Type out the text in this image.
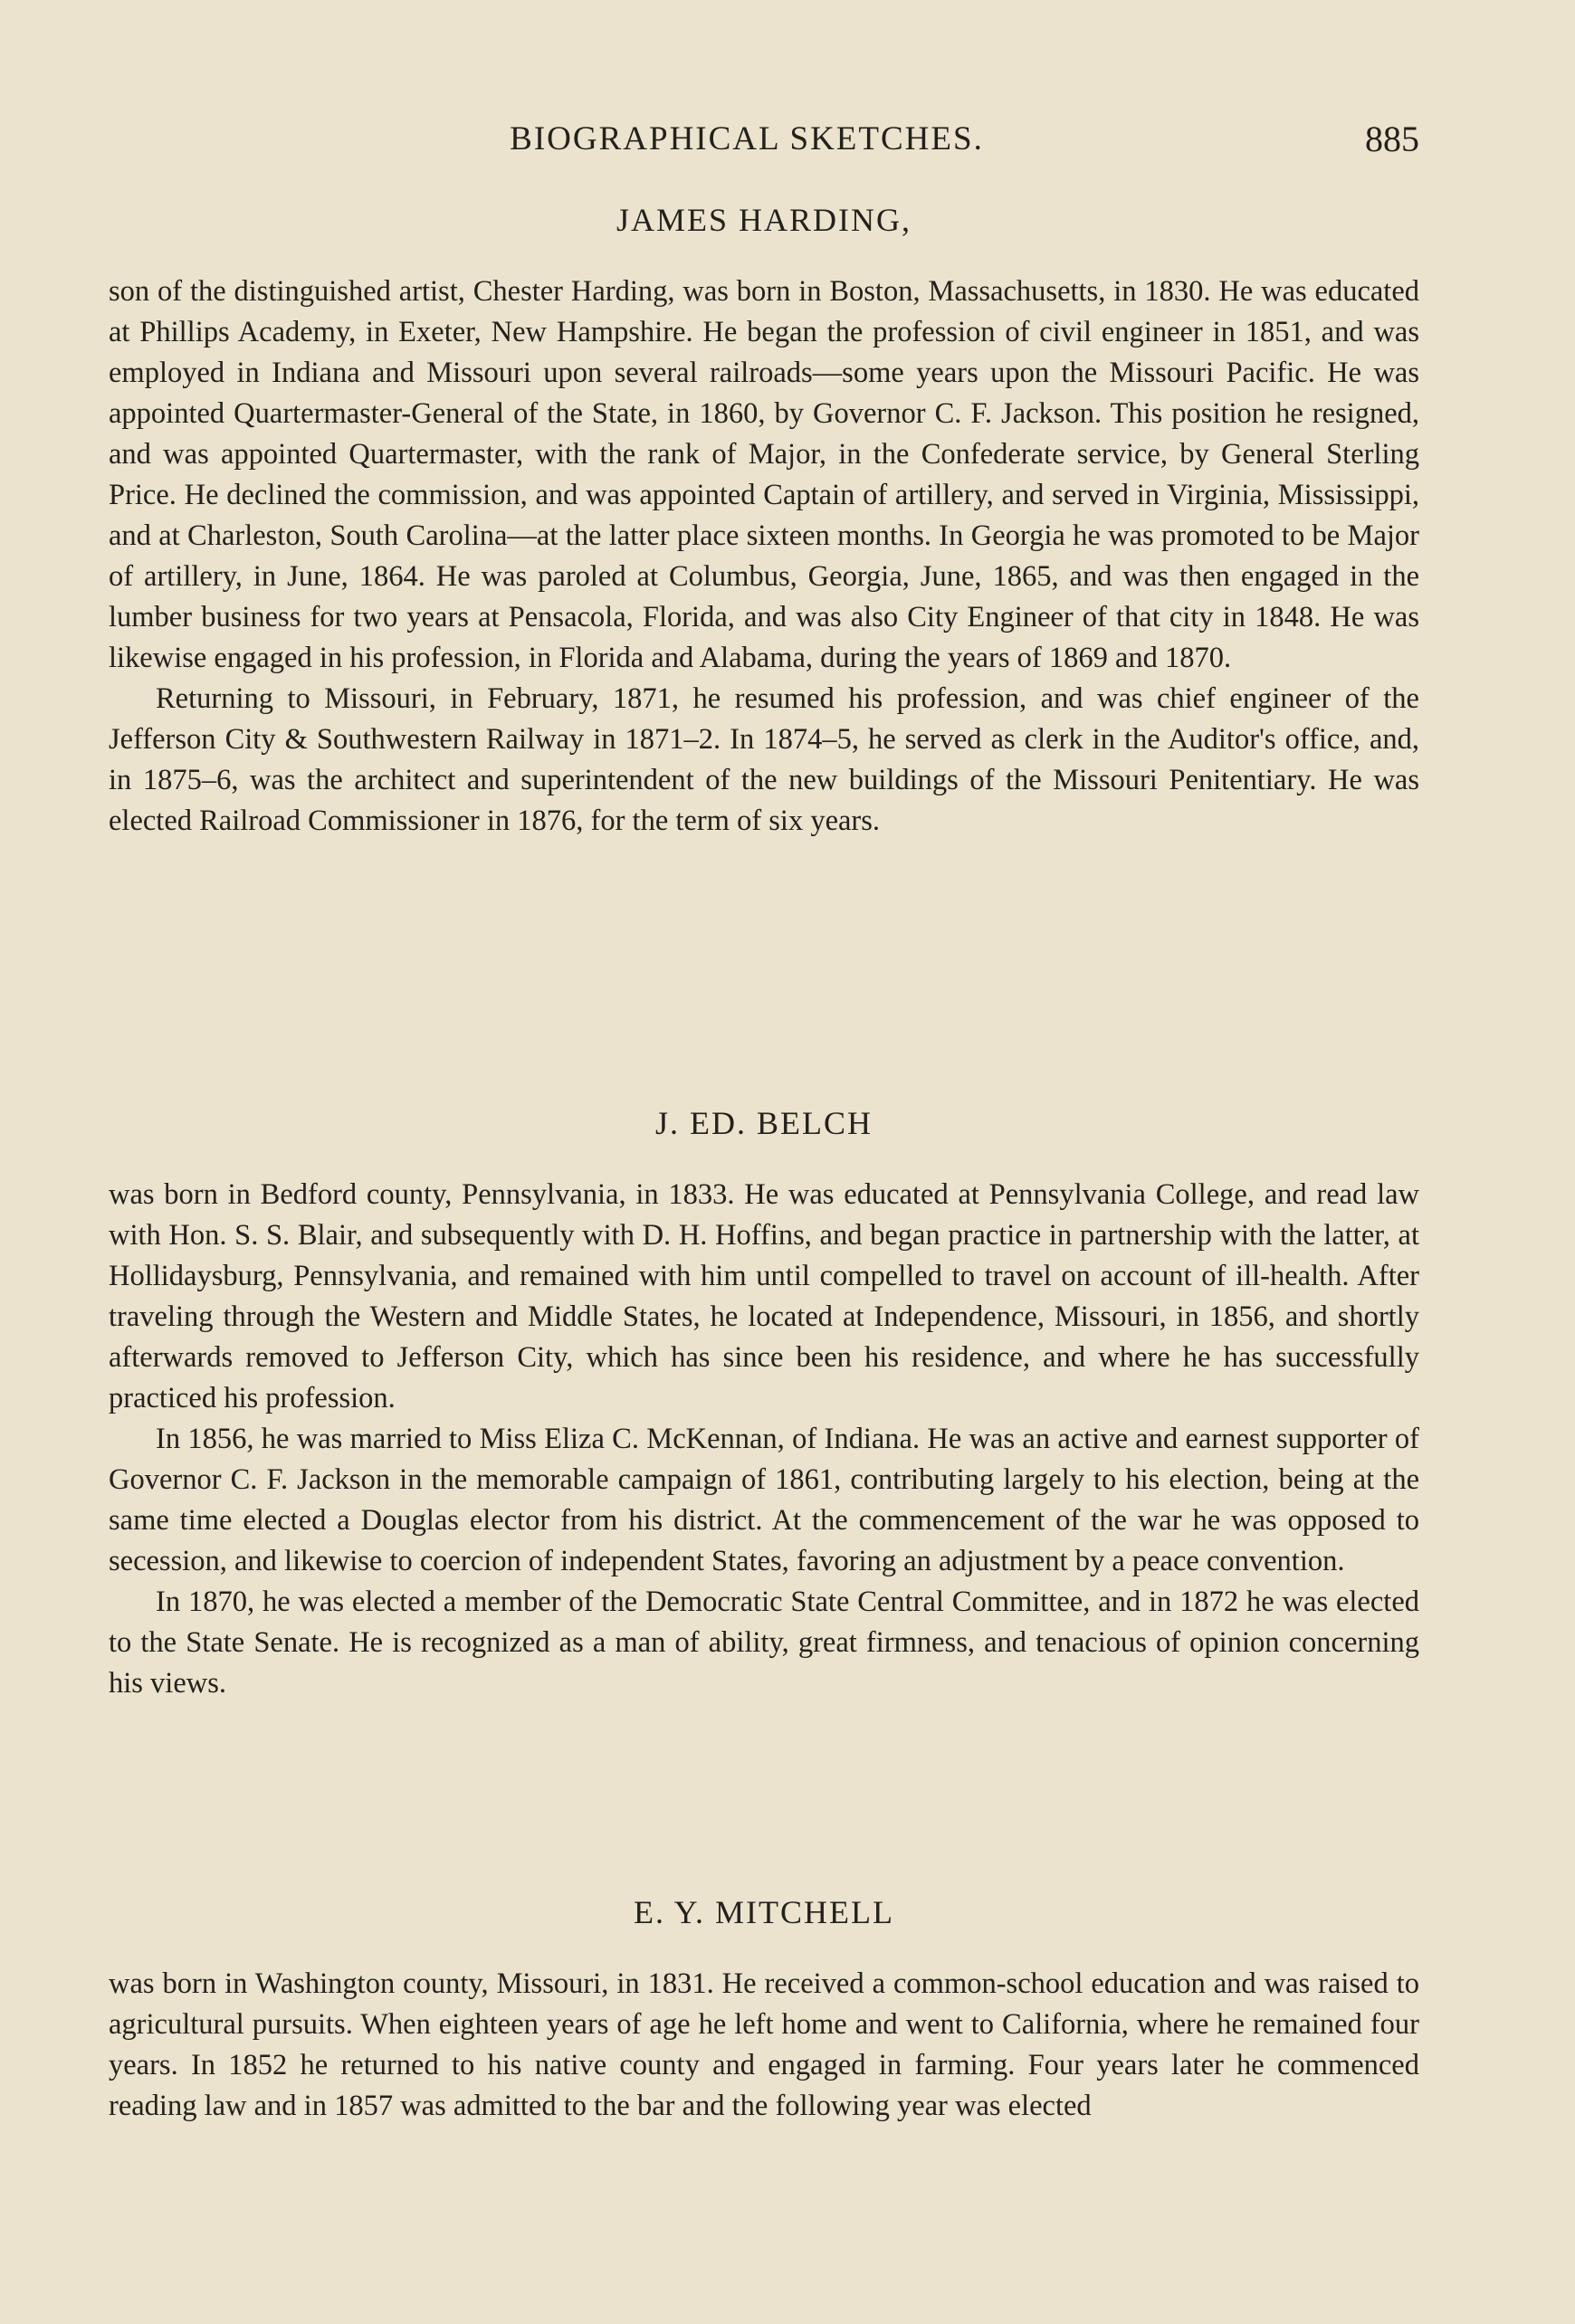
BIOGRAPHICAL SKETCHES.	885
JAMES HARDING,

son of the distinguished artist, Chester Harding, was born in Boston, Massachusetts, in 1830. He was educated at Phillips Academy, in Exeter, New Hampshire. He began the profession of civil engineer in 1851, and was employed in Indiana and Missouri upon several railroads—some years upon the Missouri Pacific. He was appointed Quartermaster-General of the State, in 1860, by Governor C. F. Jackson. This position he resigned, and was appointed Quartermaster, with the rank of Major, in the Confederate service, by General Sterling Price. He declined the commission, and was appointed Captain of artillery, and served in Virginia, Mississippi, and at Charleston, South Carolina—at the latter place sixteen months. In Georgia he was promoted to be Major of artillery, in June, 1864. He was paroled at Columbus, Georgia, June, 1865, and was then engaged in the lumber business for two years at Pensacola, Florida, and was also City Engineer of that city in 1848. He was likewise engaged in his profession, in Florida and Alabama, during the years of 1869 and 1870.

Returning to Missouri, in February, 1871, he resumed his profession, and was chief engineer of the Jefferson City & Southwestern Railway in 1871–2. In 1874–5, he served as clerk in the Auditor's office, and, in 1875–6, was the architect and superintendent of the new buildings of the Missouri Penitentiary. He was elected Railroad Commissioner in 1876, for the term of six years.

J. ED. BELCH

was born in Bedford county, Pennsylvania, in 1833. He was educated at Pennsylvania College, and read law with Hon. S. S. Blair, and subsequently with D. H. Hoffins, and began practice in partnership with the latter, at Hollidaysburg, Pennsylvania, and remained with him until compelled to travel on account of ill-health. After traveling through the Western and Middle States, he located at Independence, Missouri, in 1856, and shortly afterwards removed to Jefferson City, which has since been his residence, and where he has successfully practiced his profession.

In 1856, he was married to Miss Eliza C. McKennan, of Indiana. He was an active and earnest supporter of Governor C. F. Jackson in the memorable campaign of 1861, contributing largely to his election, being at the same time elected a Douglas elector from his district. At the commencement of the war he was opposed to secession, and likewise to coercion of independent States, favoring an adjustment by a peace convention.

In 1870, he was elected a member of the Democratic State Central Committee, and in 1872 he was elected to the State Senate. He is recognized as a man of ability, great firmness, and tenacious of opinion concerning his views.

E. Y. MITCHELL

was born in Washington county, Missouri, in 1831. He received a common-school education and was raised to agricultural pursuits. When eighteen years of age he left home and went to California, where he remained four years. In 1852 he returned to his native county and engaged in farming. Four years later he commenced reading law and in 1857 was admitted to the bar and the following year was elected
